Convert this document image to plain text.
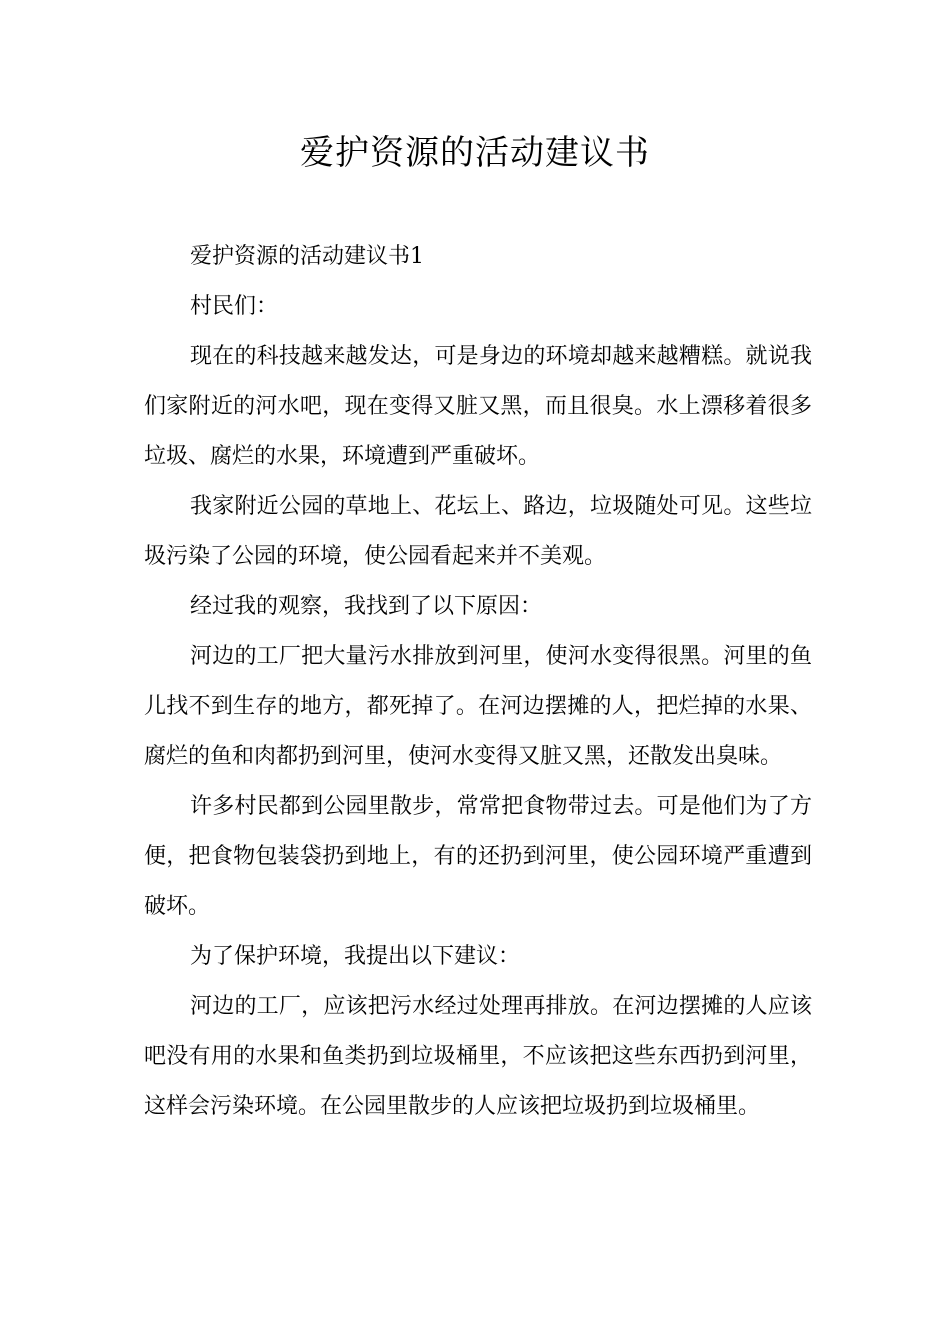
爱护资源的活动建议书

爱护资源的活动建议书1

村民们：

现在的科技越来越发达，可是身边的环境却越来越糟糕。就说我们家附近的河水吧，现在变得又脏又黑，而且很臭。水上漂移着很多垃圾、腐烂的水果，环境遭到严重破坏。

我家附近公园的草地上、花坛上、路边，垃圾随处可见。这些垃圾污染了公园的环境，使公园看起来并不美观。

经过我的观察，我找到了以下原因：

河边的工厂把大量污水排放到河里，使河水变得很黑。河里的鱼儿找不到生存的地方，都死掉了。在河边摆摊的人，把烂掉的水果、腐烂的鱼和肉都扔到河里，使河水变得又脏又黑，还散发出臭味。

许多村民都到公园里散步，常常把食物带过去。可是他们为了方便，把食物包装袋扔到地上，有的还扔到河里，使公园环境严重遭到破坏。

为了保护环境，我提出以下建议：

河边的工厂，应该把污水经过处理再排放。在河边摆摊的人应该吧没有用的水果和鱼类扔到垃圾桶里，不应该把这些东西扔到河里，这样会污染环境。在公园里散步的人应该把垃圾扔到垃圾桶里。
